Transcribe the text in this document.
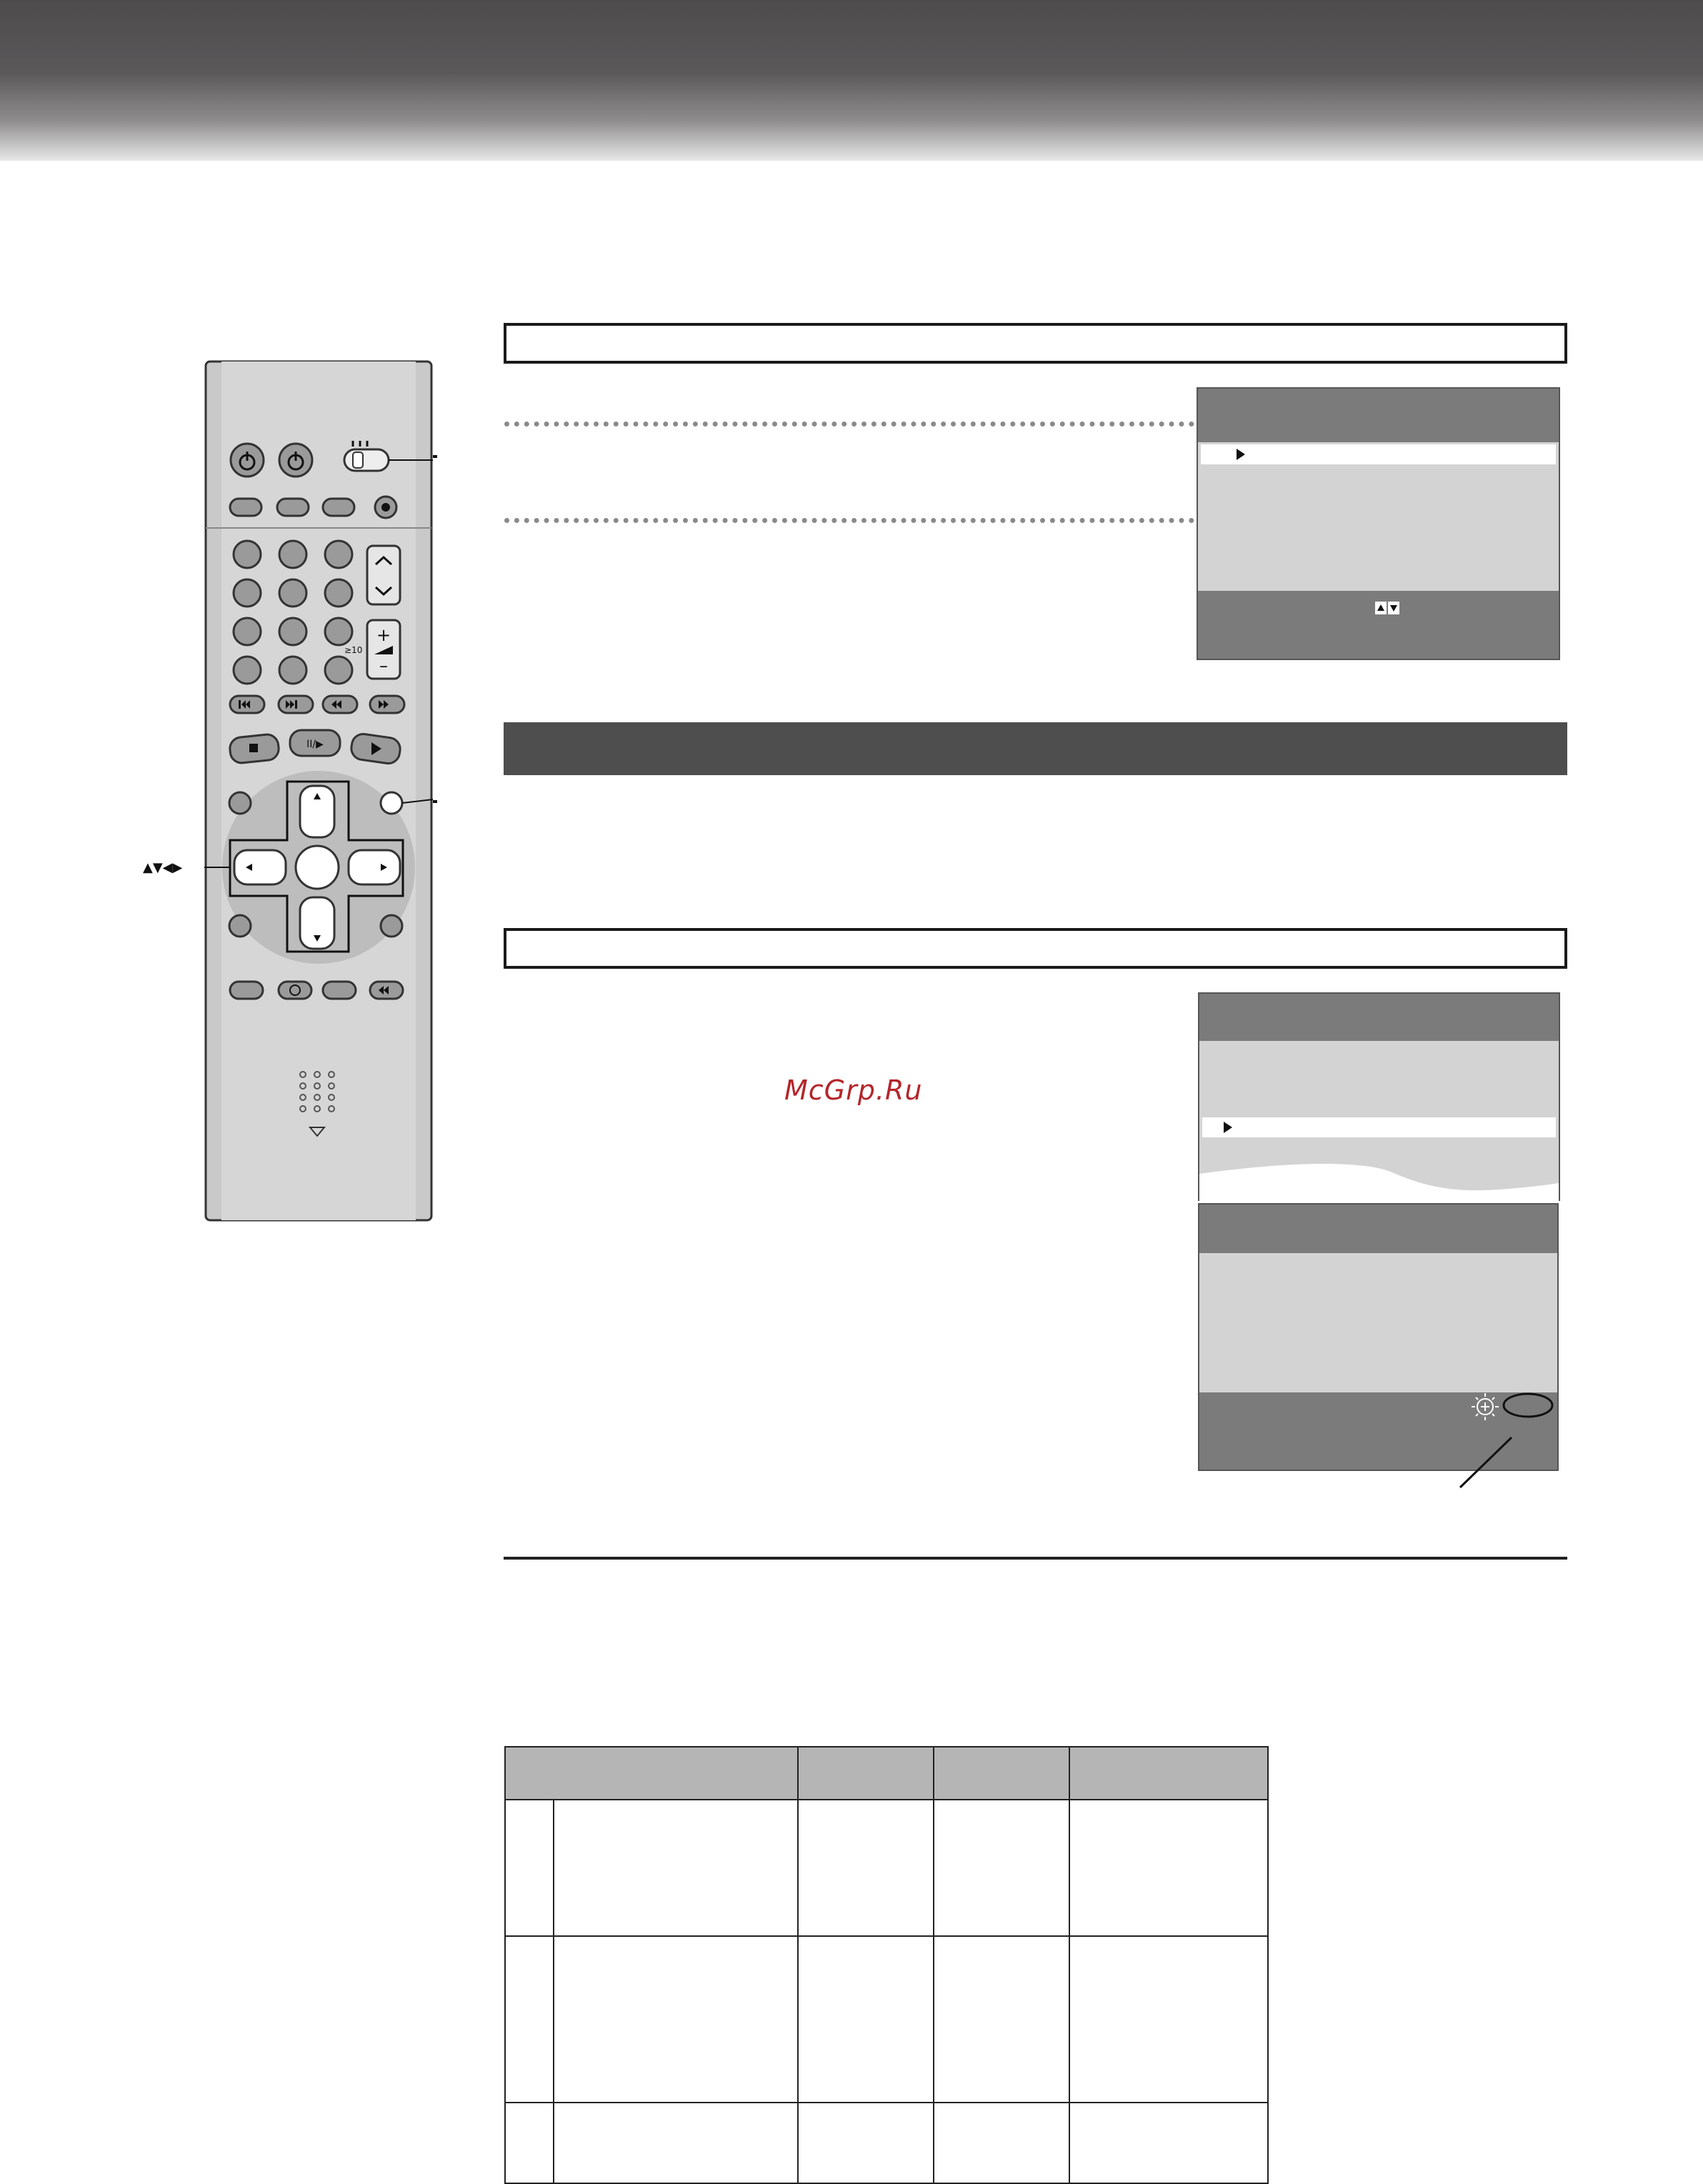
+
–
≥10
II/▶
▲▼◀▶

McGrp.Ru
